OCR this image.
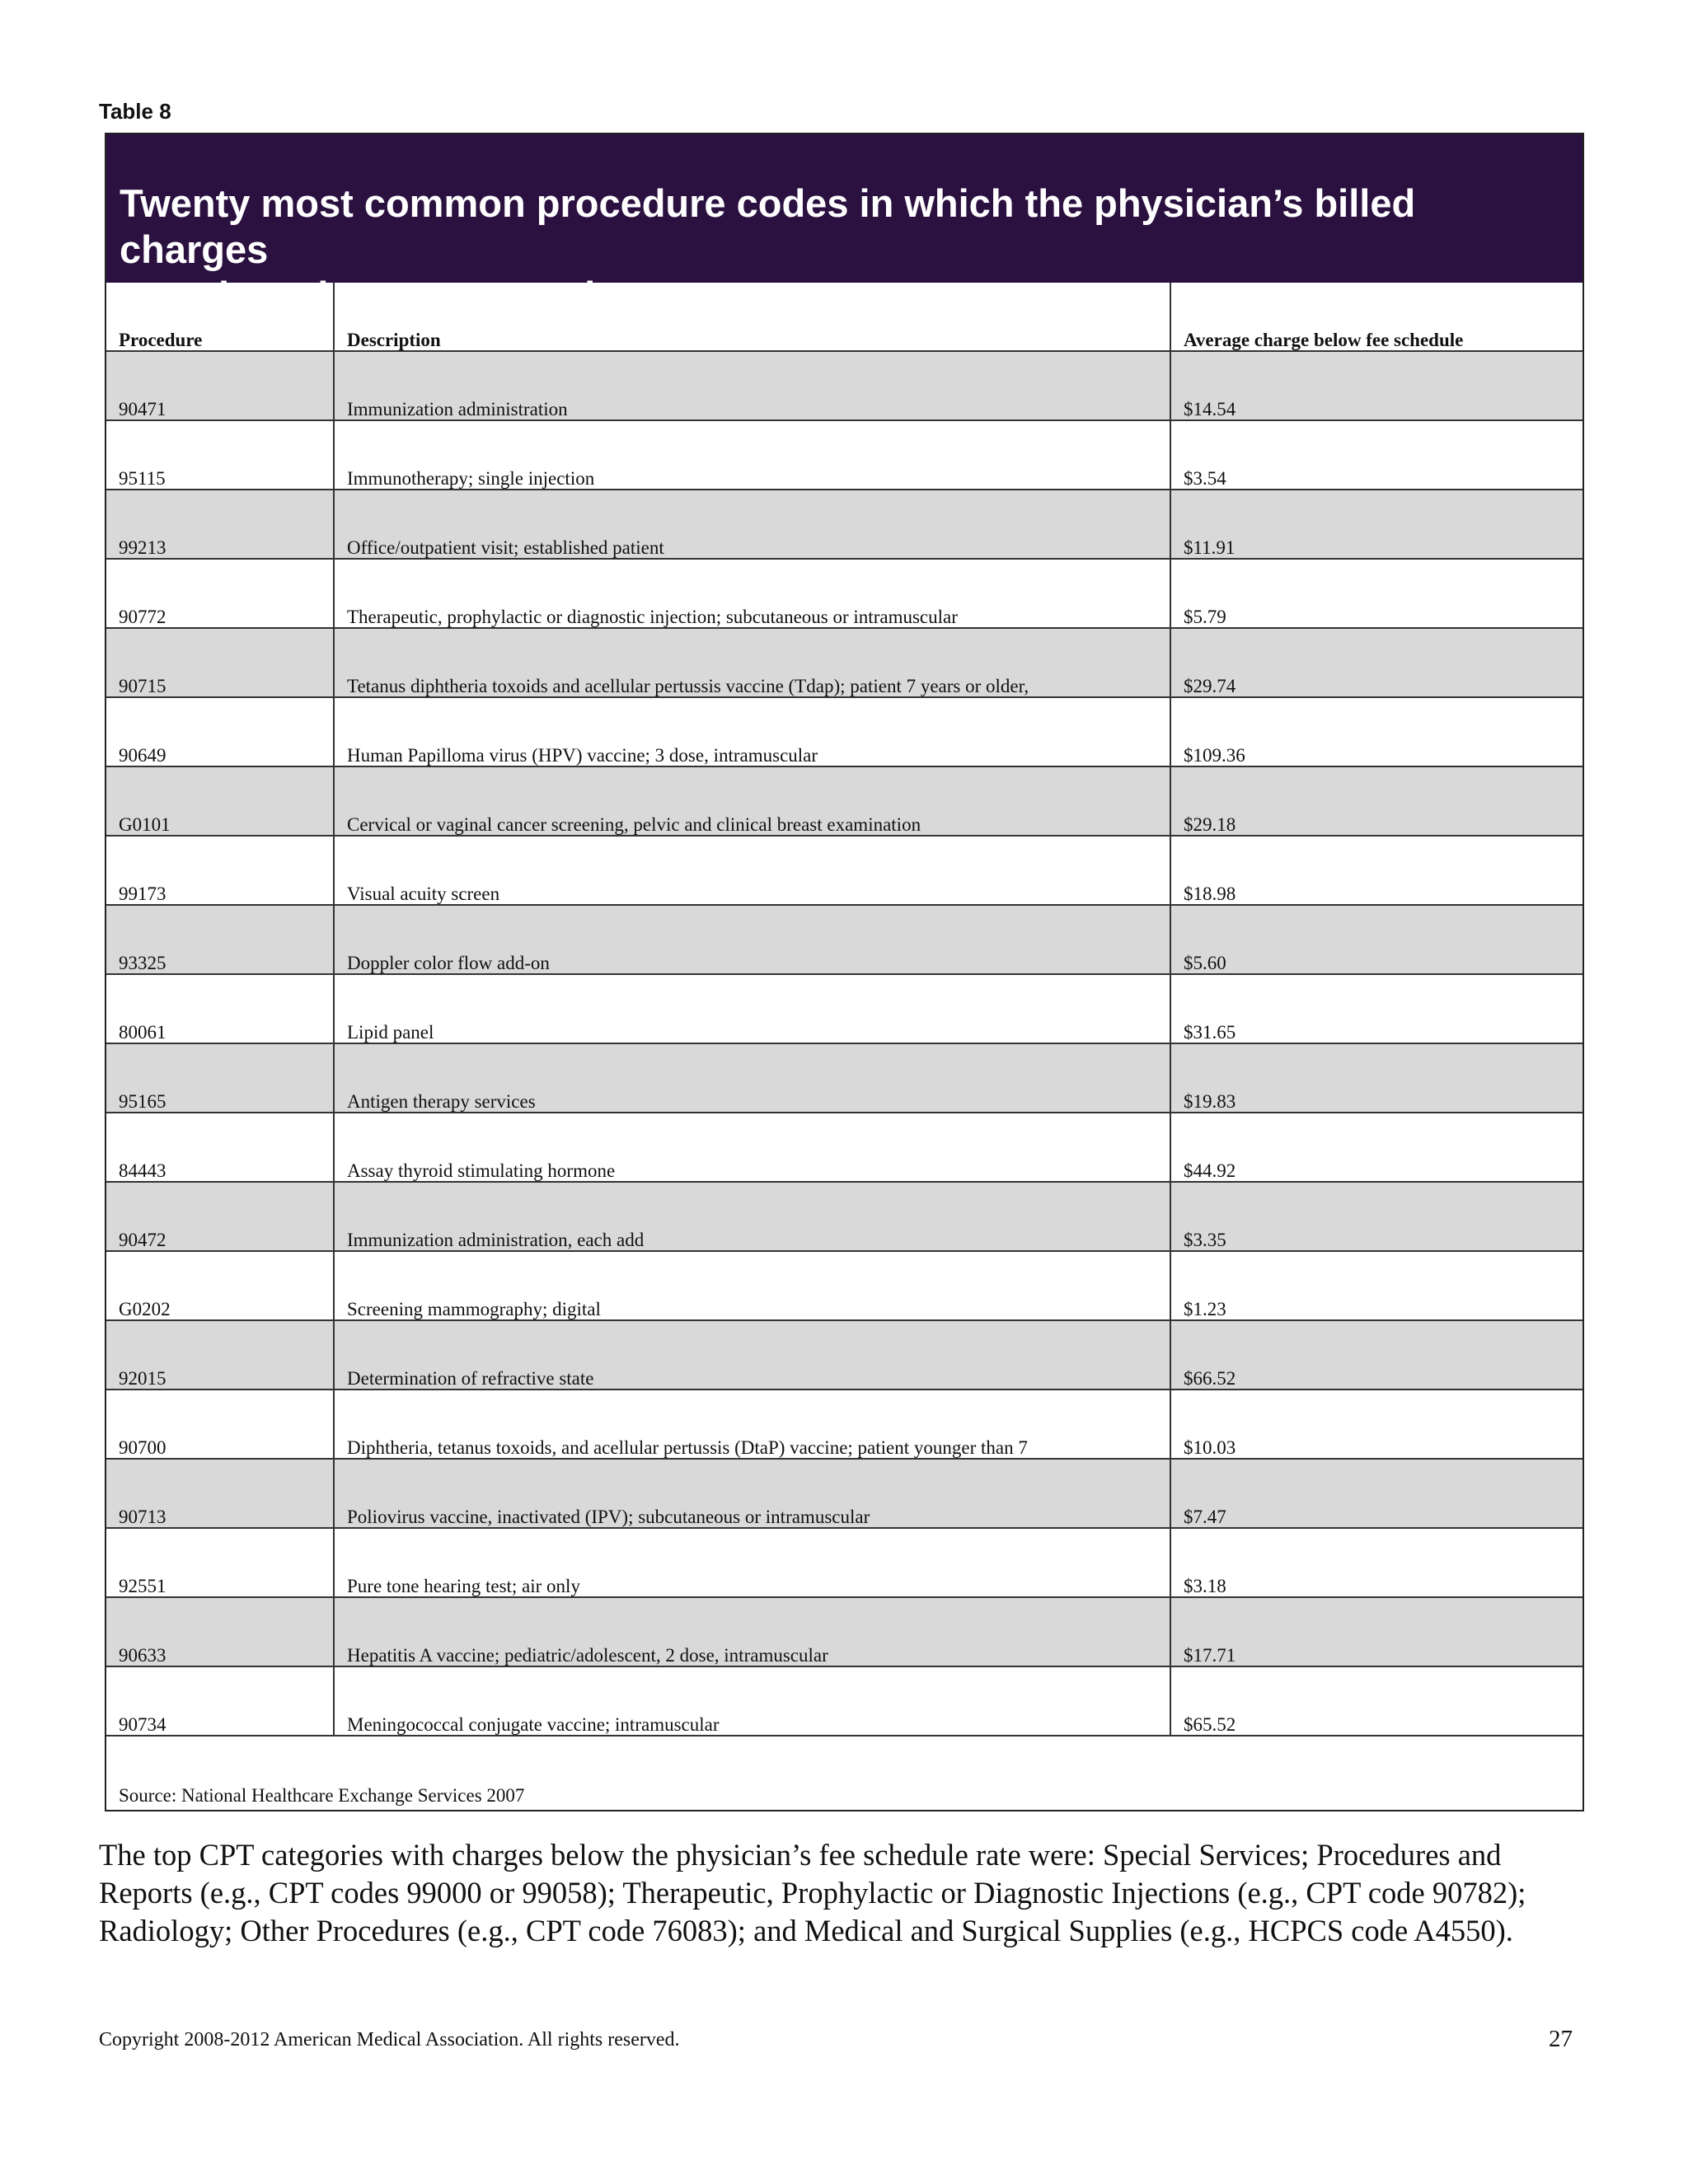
Table 8
Twenty most common procedure codes in which the physician’s billed charges
were less than contracted amount
Procedure	Description	Average charge below fee schedule
90471	Immunization administration	$14.54
95115	Immunotherapy; single injection	$3.54
99213	Office/outpatient visit; established patient	$11.91
90772	Therapeutic, prophylactic or diagnostic injection; subcutaneous or intramuscular	$5.79
90715	Tetanus diphtheria toxoids and acellular pertussis vaccine (Tdap); patient 7 years or older,	$29.74
90649	Human Papilloma virus (HPV) vaccine; 3 dose, intramuscular	$109.36
G0101	Cervical or vaginal cancer screening, pelvic and clinical breast examination	$29.18
99173	Visual acuity screen	$18.98
93325	Doppler color flow add-on	$5.60
80061	Lipid panel	$31.65
95165	Antigen therapy services	$19.83
84443	Assay thyroid stimulating hormone	$44.92
90472	Immunization administration, each add	$3.35
G0202	Screening mammography; digital	$1.23
92015	Determination of refractive state	$66.52
90700	Diphtheria, tetanus toxoids, and acellular pertussis (DtaP) vaccine; patient younger than 7	$10.03
90713	Poliovirus vaccine, inactivated (IPV); subcutaneous or intramuscular	$7.47
92551	Pure tone hearing test; air only	$3.18
90633	Hepatitis A vaccine; pediatric/adolescent, 2 dose, intramuscular	$17.71
90734	Meningococcal conjugate vaccine; intramuscular	$65.52
Source: National Healthcare Exchange Services 2007
The top CPT categories with charges below the physician’s fee schedule rate were: Special Services; Procedures and Reports (e.g., CPT codes 99000 or 99058); Therapeutic, Prophylactic or Diagnostic Injections (e.g., CPT code 90782); Radiology; Other Procedures (e.g., CPT code 76083); and Medical and Surgical Supplies (e.g., HCPCS code A4550).
Copyright 2008-2012 American Medical Association. All rights reserved.	27
